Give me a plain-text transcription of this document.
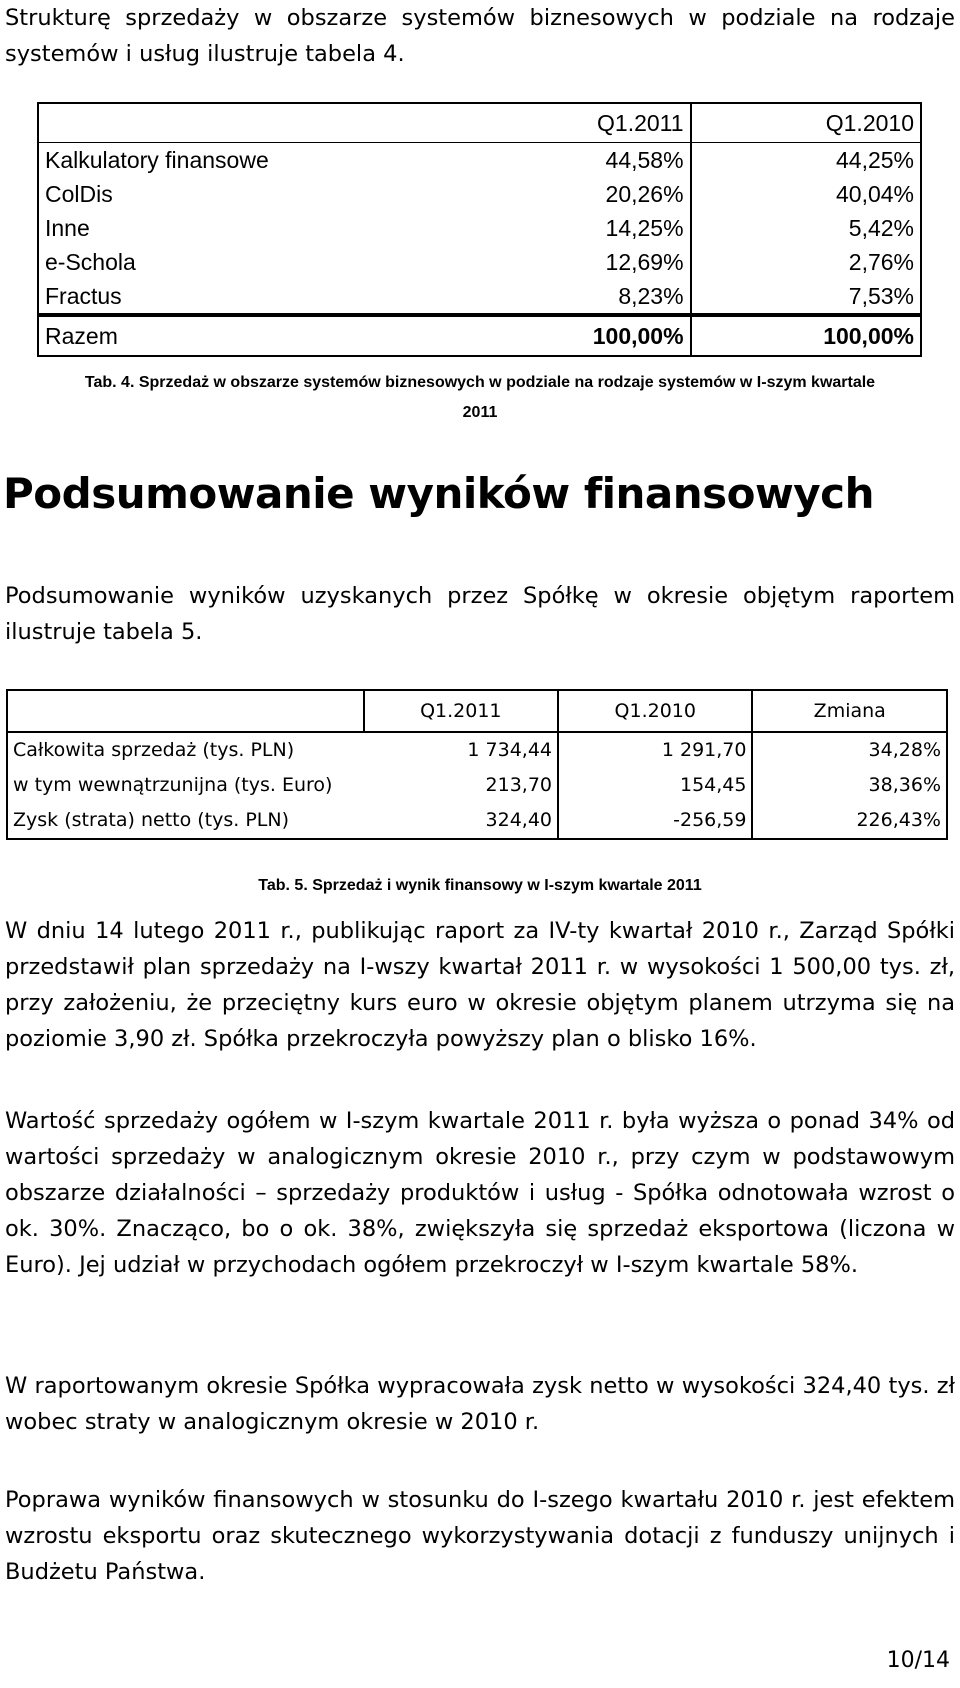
Strukturę sprzedaży w obszarze systemów biznesowych w podziale na rodzaje systemów i usług ilustruje tabela 4.

	Q1.2011	Q1.2010
Kalkulatory finansowe	44,58%	44,25%
ColDis	20,26%	40,04%
Inne	14,25%	5,42%
e-Schola	12,69%	2,76%
Fractus	8,23%	7,53%
Razem	100,00%	100,00%
Tab. 4. Sprzedaż w obszarze systemów biznesowych w podziale na rodzaje systemów w I-szym kwartale
2011
Podsumowanie wyników finansowych

Podsumowanie wyników uzyskanych przez Spółkę w okresie objętym raportem ilustruje tabela 5.

	Q1.2011	Q1.2010	Zmiana
Całkowita sprzedaż (tys. PLN)	1 734,44	1 291,70	34,28%
w tym wewnątrzunijna (tys. Euro)	213,70	154,45	38,36%
Zysk (strata) netto (tys. PLN)	324,40	-256,59	226,43%
Tab. 5. Sprzedaż i wynik finansowy w I-szym kwartale 2011

W dniu 14 lutego 2011 r., publikując raport za IV-ty kwartał 2010 r., Zarząd Spółki przedstawił plan sprzedaży na I-wszy kwartał 2011 r. w wysokości 1 500,00 tys. zł, przy założeniu, że przeciętny kurs euro w okresie objętym planem utrzyma się na poziomie 3,90 zł. Spółka przekroczyła powyższy plan o blisko 16%.

Wartość sprzedaży ogółem w I-szym kwartale 2011 r. była wyższa o ponad 34% od wartości sprzedaży w analogicznym okresie 2010 r., przy czym w podstawowym obszarze działalności – sprzedaży produktów i usług - Spółka odnotowała wzrost o ok. 30%. Znacząco, bo o ok. 38%, zwiększyła się sprzedaż eksportowa (liczona w Euro). Jej udział w przychodach ogółem przekroczył w I-szym kwartale 58%.

W raportowanym okresie Spółka wypracowała zysk netto w wysokości 324,40 tys. zł wobec straty w analogicznym okresie w 2010 r.

Poprawa wyników finansowych w stosunku do I-szego kwartału 2010 r. jest efektem wzrostu eksportu oraz skutecznego wykorzystywania dotacji z funduszy unijnych i Budżetu Państwa.

10/14
